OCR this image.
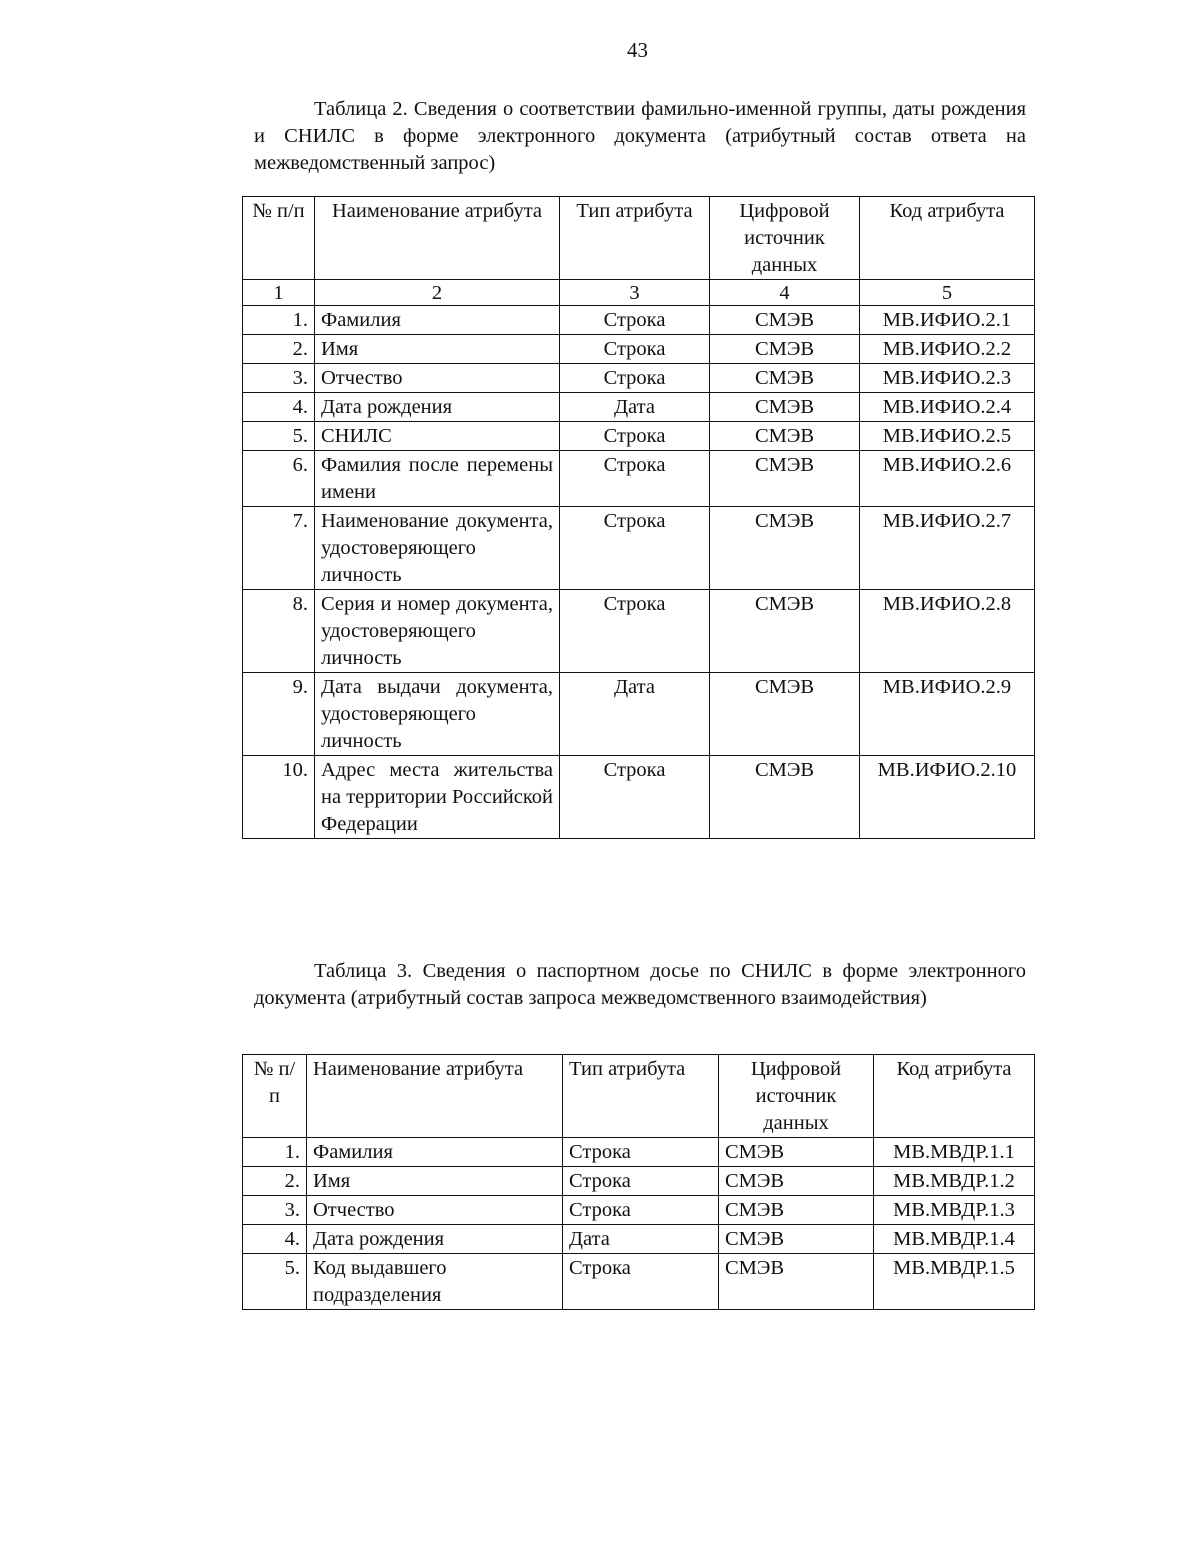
43
Таблица 2. Сведения о соответствии фамильно-именной группы, даты рождения и СНИЛС в форме электронного документа (атрибутный состав ответа на межведомственный запрос)
№ п/п	Наименование атрибута	Тип атрибута	Цифровой источник данных	Код атрибута
1	2	3	4	5
1.	Фамилия	Строка	СМЭВ	МВ.ИФИО.2.1
2.	Имя	Строка	СМЭВ	МВ.ИФИО.2.2
3.	Отчество	Строка	СМЭВ	МВ.ИФИО.2.3
4.	Дата рождения	Дата	СМЭВ	МВ.ИФИО.2.4
5.	СНИЛС	Строка	СМЭВ	МВ.ИФИО.2.5
6.	Фамилия после перемены имени	Строка	СМЭВ	МВ.ИФИО.2.6
7.	Наименование документа, удостоверяющего личность	Строка	СМЭВ	МВ.ИФИО.2.7
8.	Серия и номер документа, удостоверяющего личность	Строка	СМЭВ	МВ.ИФИО.2.8
9.	Дата выдачи документа, удостоверяющего личность	Дата	СМЭВ	МВ.ИФИО.2.9
10.	Адрес места жительства на территории Российской Федерации	Строка	СМЭВ	МВ.ИФИО.2.10
Таблица 3. Сведения о паспортном досье по СНИЛС в форме электронного документа (атрибутный состав запроса межведомственного взаимодействия)
№ п/п	Наименование атрибута	Тип атрибута	Цифровой источник данных	Код атрибута
1.	Фамилия	Строка	СМЭВ	МВ.МВДР.1.1
2.	Имя	Строка	СМЭВ	МВ.МВДР.1.2
3.	Отчество	Строка	СМЭВ	МВ.МВДР.1.3
4.	Дата рождения	Дата	СМЭВ	МВ.МВДР.1.4
5.	Код выдавшего подразделения	Строка	СМЭВ	МВ.МВДР.1.5
